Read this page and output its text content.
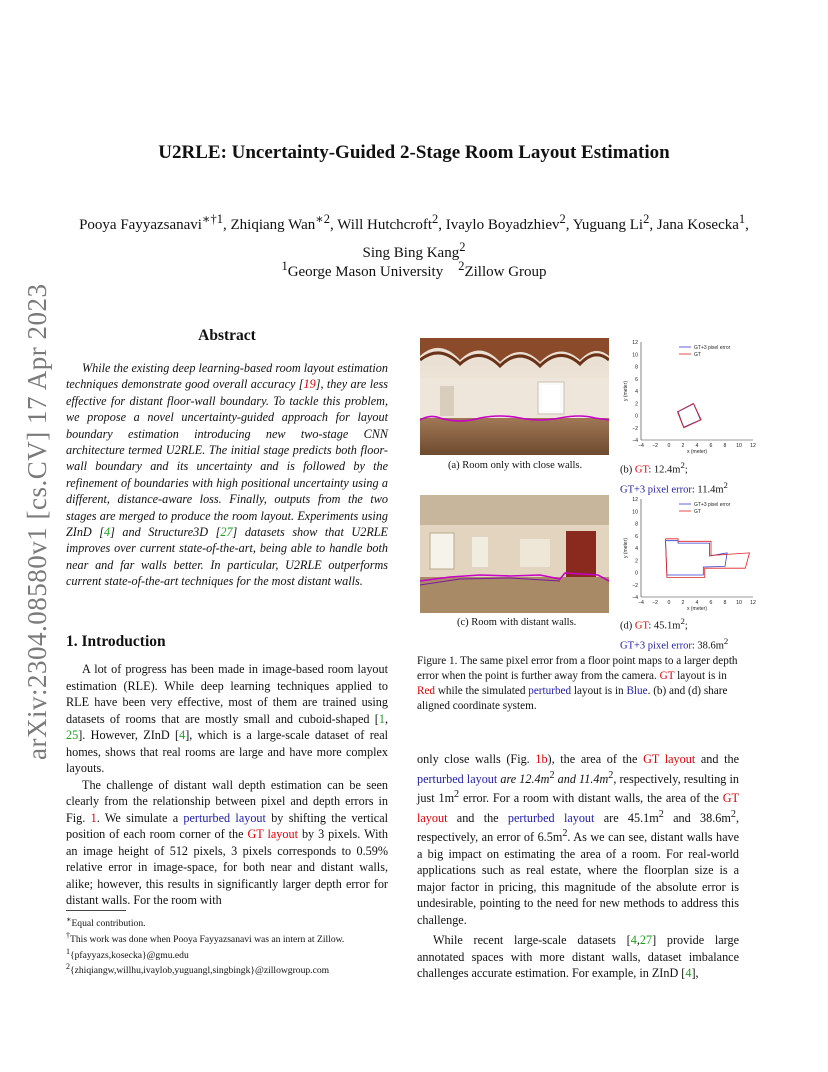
arXiv:2304.08580v1 [cs.CV] 17 Apr 2023
U2RLE: Uncertainty-Guided 2-Stage Room Layout Estimation
Pooya Fayyazsanavi$^{∗\dagger 1}$, Zhiqiang Wan$^{∗2}$, Will Hutchcroft$^2$, Ivaylo Boyadzhiev$^2$, Yuguang Li$^2$, Jana Kosecka$^1$, Sing Bing Kang$^2$
$^1$George Mason University $^2$Zillow Group
Abstract
While the existing deep learning-based room layout estimation techniques demonstrate good overall accuracy [19], they are less effective for distant floor-wall boundary. To tackle this problem, we propose a novel uncertainty-guided approach for layout boundary estimation introducing new two-stage CNN architecture termed U2RLE. The initial stage predicts both floor-wall boundary and its uncertainty and is followed by the refinement of boundaries with high positional uncertainty using a different, distance-aware loss. Finally, outputs from the two stages are merged to produce the room layout. Experiments using ZInD [4] and Structure3D [27] datasets show that U2RLE improves over current state-of-the-art, being able to handle both near and far walls better. In particular, U2RLE outperforms current state-of-the-art techniques for the most distant walls.
1. Introduction
A lot of progress has been made in image-based room layout estimation (RLE). While deep learning techniques applied to RLE have been very effective, most of them are trained using datasets of rooms that are mostly small and cuboid-shaped [1, 25]. However, ZInD [4], which is a large-scale dataset of real homes, shows that real rooms are large and have more complex layouts.
The challenge of distant wall depth estimation can be seen clearly from the relationship between pixel and depth errors in Fig. 1. We simulate a perturbed layout by shifting the vertical position of each room corner of the GT layout by 3 pixels. With an image height of 512 pixels, 3 pixels corresponds to 0.59% relative error in image-space, for both near and distant walls, alike; however, this results in significantly larger depth error for distant walls. For the room with
∗Equal contribution.
†This work was done when Pooya Fayyazsanavi was an intern at Zillow.
$^1${pfayyazs,kosecka}@gmu.edu
$^2${zhiqiangw,willhu,ivaylob,yuguangl,singbingk}@zillowgroup.com
12
10
8
6
4
2
0
−2
−4
−4 −2 0 2 4 6 8 10 12
x (meter)
y (meter)
GT+3 pixel error
GT
12
10
8
6
4
2
0
−2
−4
−4 −2 0 2 4 6 8 10 12
x (meter)
y (meter)
GT+3 pixel error
GT
(a) Room only with close walls.	(b) GT: $12.4m^2$;
GT+3 pixel error: $11.4m^2$
(c) Room with distant walls.	(d) GT: $45.1m^2$;
GT+3 pixel error: $38.6m^2$
Figure 1. The same pixel error from a floor point maps to a larger depth error when the point is further away from the camera. GT layout is in Red while the simulated perturbed layout is in Blue. (b) and (d) share aligned coordinate system.
only close walls (Fig. 1b), the area of the GT layout and the perturbed layout are $12.4m^2$ and $11.4m^2$, respectively, resulting in just $1m^2$ error. For a room with distant walls, the area of the GT layout and the perturbed layout are $45.1m^2$ and $38.6m^2$, respectively, an error of $6.5m^2$. As we can see, distant walls have a big impact on estimating the area of a room. For real-world applications such as real estate, where the floorplan size is a major factor in pricing, this magnitude of the absolute error is undesirable, pointing to the need for new methods to address this challenge.
While recent large-scale datasets [4,27] provide large annotated spaces with more distant walls, dataset imbalance challenges accurate estimation. For example, in ZInD [4],
